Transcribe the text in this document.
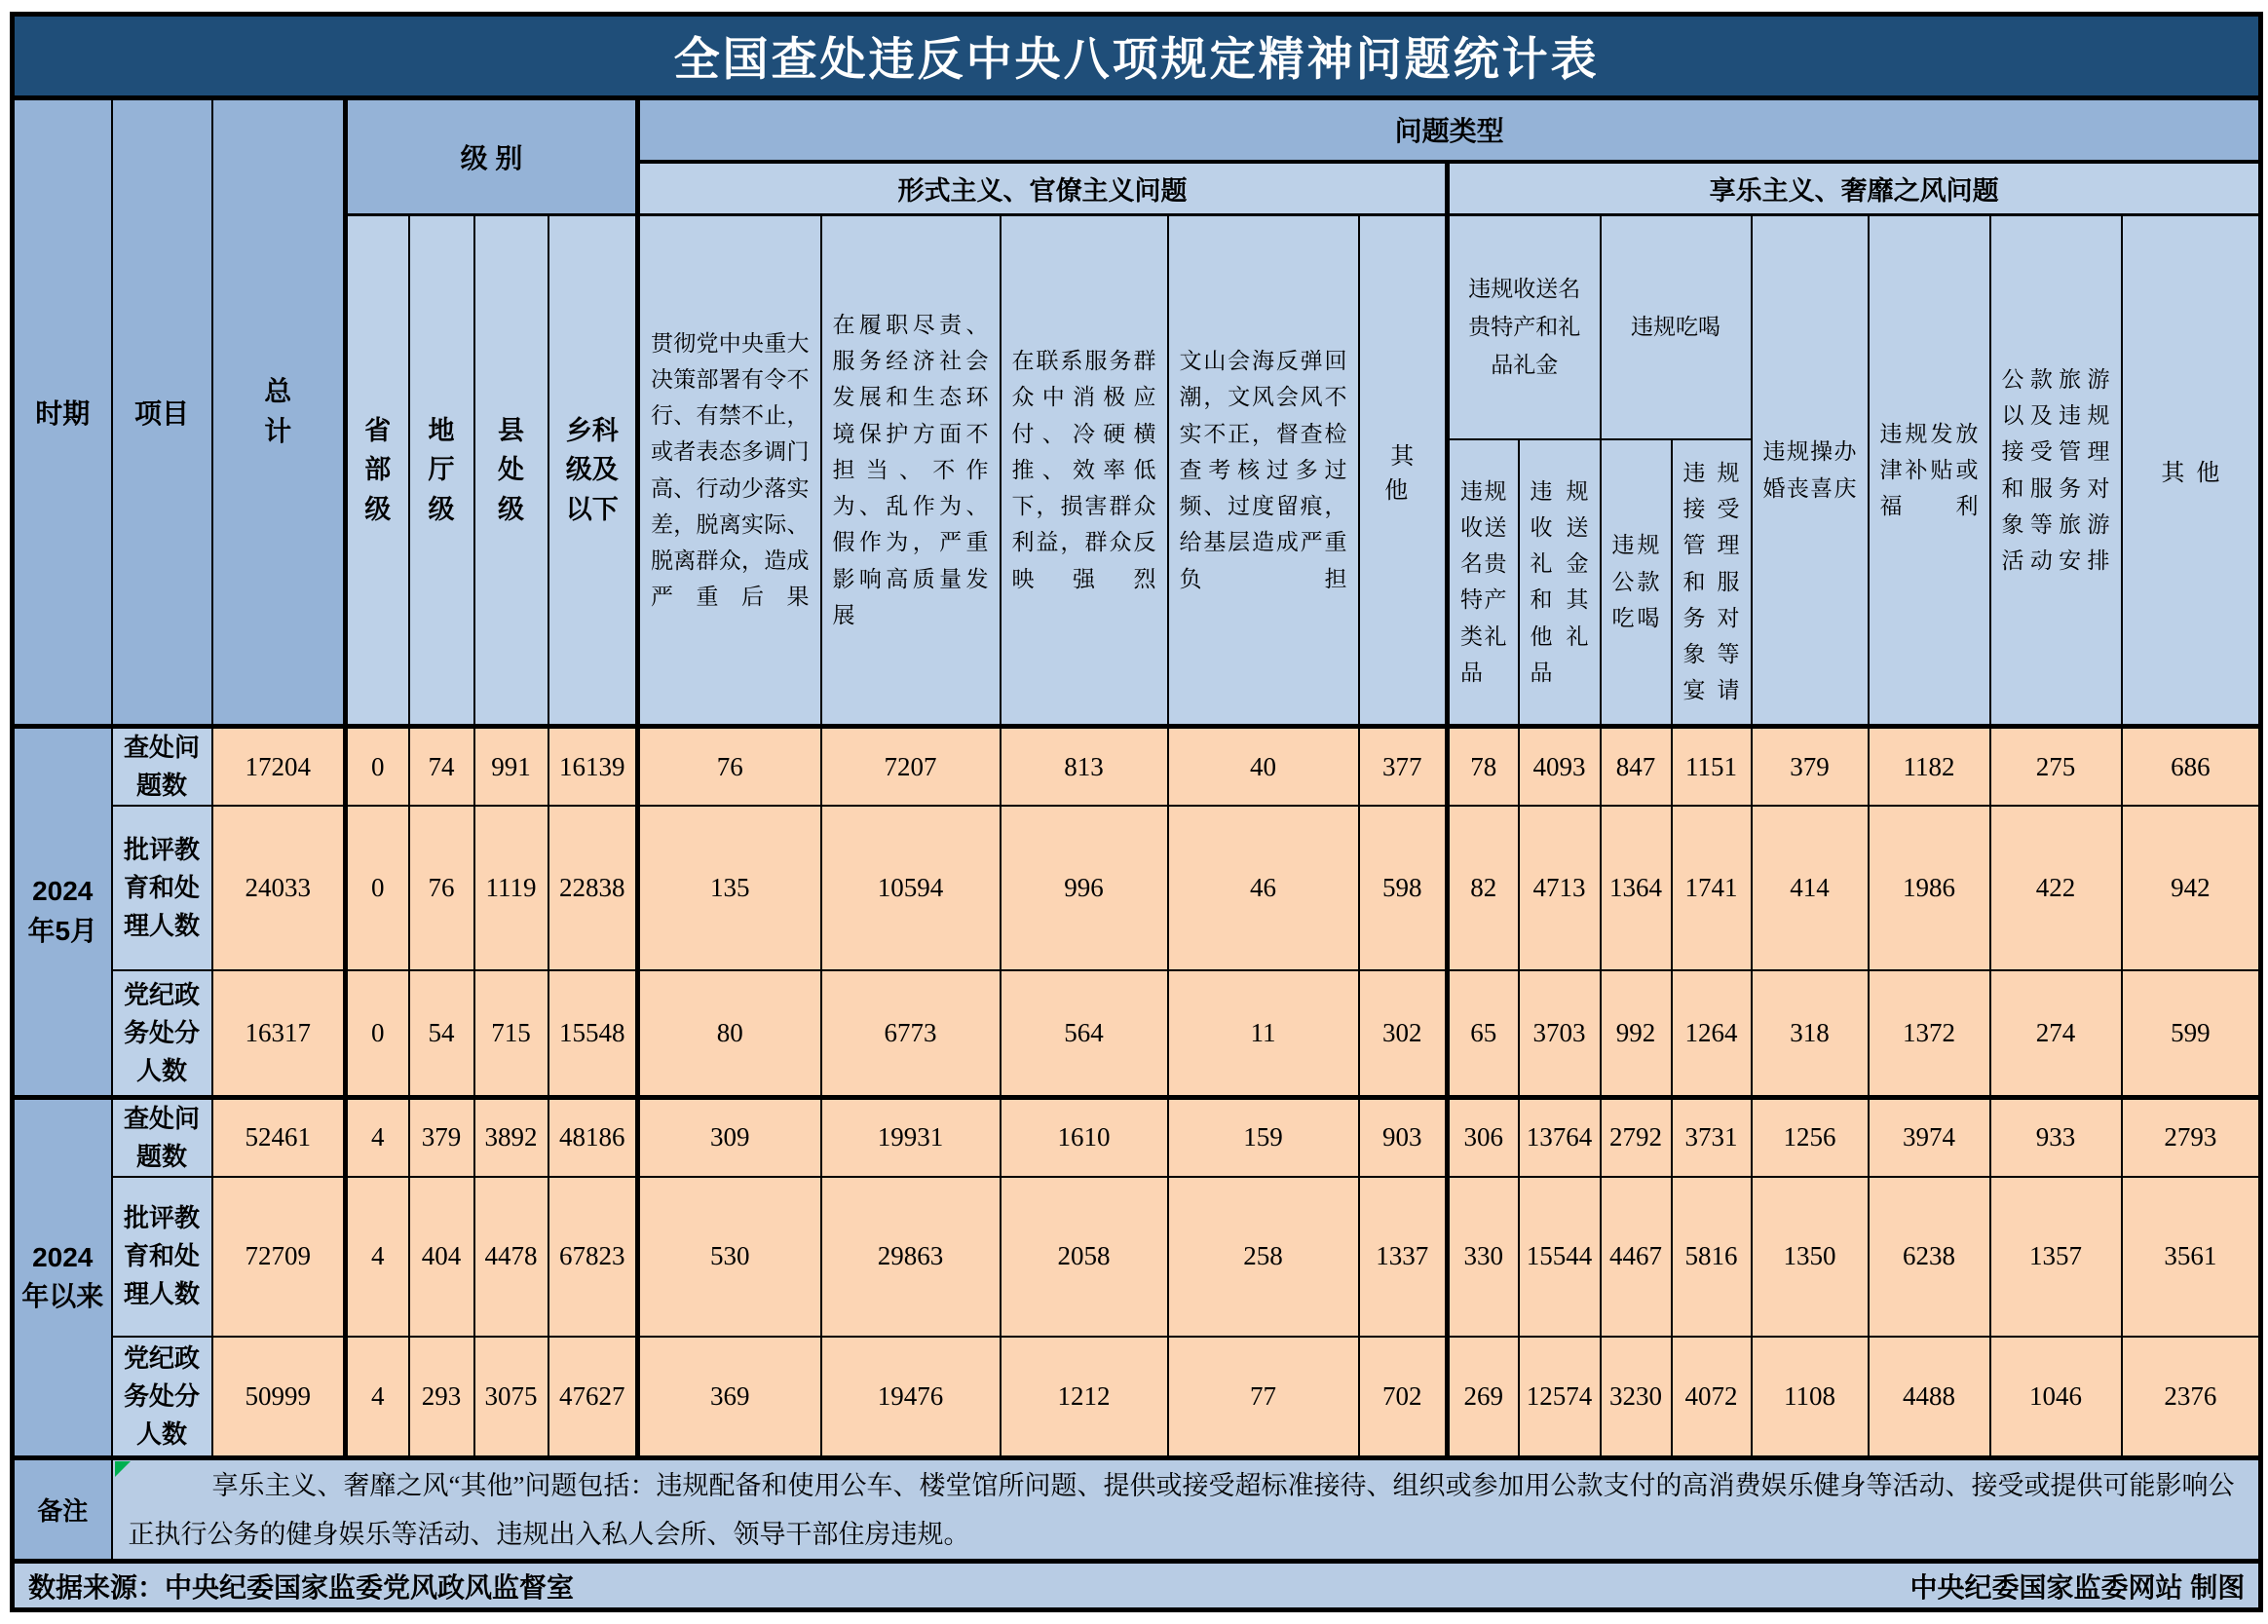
全国查处违反中央八项规定精神问题统计表																			
时期	项目	总计	级 别				问题类型												
							形式主义、官僚主义问题					享乐主义、奢靡之风问题							
			省部级	地厅级	县处级	乡科级及以下	贯彻党中央重大决策部署有令不行、有禁不止，或者表态多调门高、行动少落实差，脱离实际、脱离群众，造成严重后果	在履职尽责、服务经济社会发展和生态环境保护方面不担当、不作为、乱作为、假作为，严重影响高质量发展	在联系服务群众中消极应付、冷硬横推、效率低下，损害群众利益，群众反映强烈	文山会海反弹回潮，文风会风不实不正，督查检查考核过多过频、过度留痕，给基层造成严重负担	其他	违规收送名贵特产和礼品礼金		违规吃喝		违规操办婚丧喜庆	违规发放津补贴或福利	公款旅游以及违规接受管理和服务对象等旅游活动安排	其他
												违规收送名贵特产类礼品	违规收送礼金和其他礼品	违规公款吃喝	违规接受管理和服务对象等宴请				
2024年5月	查处问题数	17204	0	74	991	16139	76	7207	813	40	377	78	4093	847	1151	379	1182	275	686
	批评教育和处理人数	24033	0	76	1119	22838	135	10594	996	46	598	82	4713	1364	1741	414	1986	422	942
	党纪政务处分人数	16317	0	54	715	15548	80	6773	564	11	302	65	3703	992	1264	318	1372	274	599
2024年以来	查处问题数	52461	4	379	3892	48186	309	19931	1610	159	903	306	13764	2792	3731	1256	3974	933	2793
	批评教育和处理人数	72709	4	404	4478	67823	530	29863	2058	258	1337	330	15544	4467	5816	1350	6238	1357	3561
	党纪政务处分人数	50999	4	293	3075	47627	369	19476	1212	77	702	269	12574	3230	4072	1108	4488	1046	2376
备注	享乐主义、奢靡之风“其他”问题包括：违规配备和使用公车、楼堂馆所问题、提供或接受超标准接待、组织或参加用公款支付的高消费娱乐健身等活动、接受或提供可能影响公正执行公务的健身娱乐等活动、违规出入私人会所、领导干部住房违规。																		

数据来源：中央纪委国家监委党风政风监督室 中央纪委国家监委网站 制图																			
